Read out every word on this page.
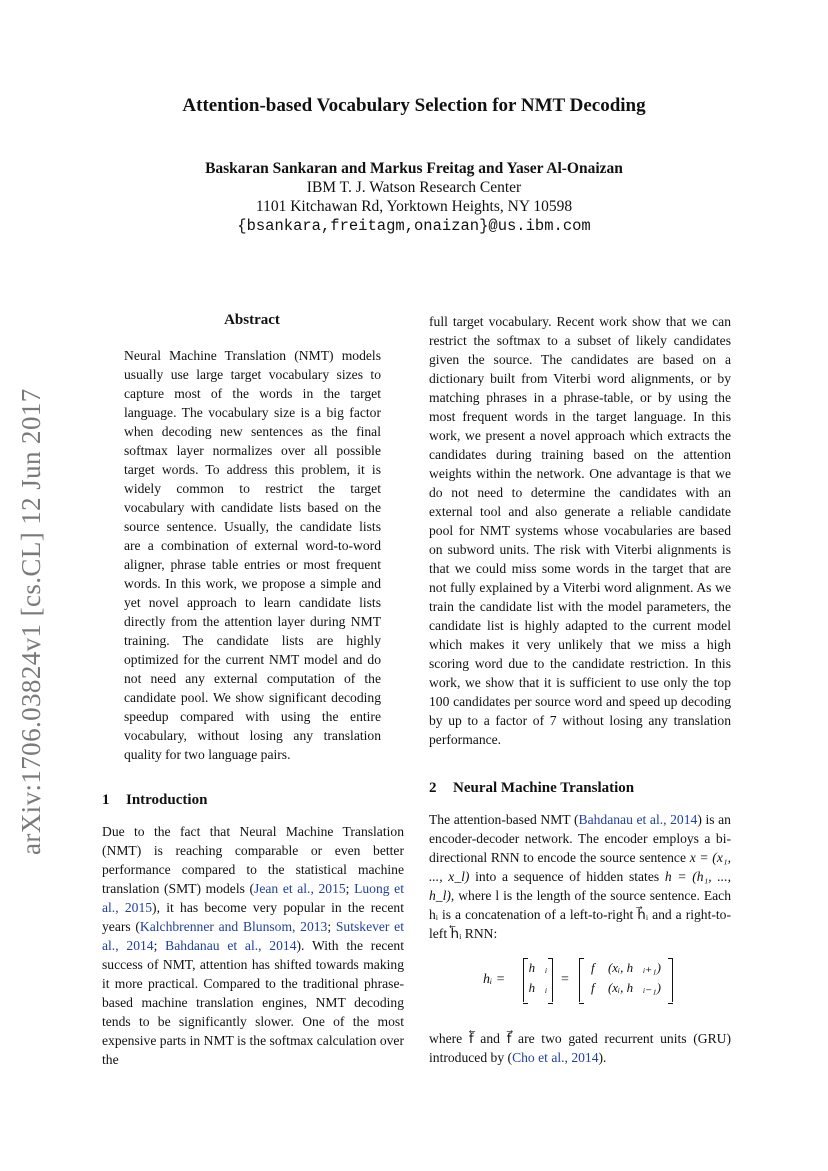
Attention-based Vocabulary Selection for NMT Decoding
Baskaran Sankaran and Markus Freitag and Yaser Al-Onaizan
IBM T. J. Watson Research Center
1101 Kitchawan Rd, Yorktown Heights, NY 10598
{bsankara,freitagm,onaizan}@us.ibm.com
arXiv:1706.03824v1 [cs.CL] 12 Jun 2017
Abstract
Neural Machine Translation (NMT) models usually use large target vocabulary sizes to capture most of the words in the target language. The vocabulary size is a big factor when decoding new sentences as the final softmax layer normalizes over all possible target words. To address this problem, it is widely common to restrict the target vocabulary with candidate lists based on the source sentence. Usually, the candidate lists are a combination of external word-to-word aligner, phrase table entries or most frequent words. In this work, we propose a simple and yet novel approach to learn candidate lists directly from the attention layer during NMT training. The candidate lists are highly optimized for the current NMT model and do not need any external computation of the candidate pool. We show significant decoding speedup compared with using the entire vocabulary, without losing any translation quality for two language pairs.
1 Introduction
Due to the fact that Neural Machine Translation (NMT) is reaching comparable or even better performance compared to the statistical machine translation (SMT) models (Jean et al., 2015; Luong et al., 2015), it has become very popular in the recent years (Kalchbrenner and Blunsom, 2013; Sutskever et al., 2014; Bahdanau et al., 2014). With the recent success of NMT, attention has shifted towards making it more practical. Compared to the traditional phrase-based machine translation engines, NMT decoding tends to be significantly slower. One of the most expensive parts in NMT is the softmax calculation over the
full target vocabulary. Recent work show that we can restrict the softmax to a subset of likely candidates given the source. The candidates are based on a dictionary built from Viterbi word alignments, or by matching phrases in a phrase-table, or by using the most frequent words in the target language. In this work, we present a novel approach which extracts the candidates during training based on the attention weights within the network. One advantage is that we do not need to determine the candidates with an external tool and also generate a reliable candidate pool for NMT systems whose vocabularies are based on subword units. The risk with Viterbi alignments is that we could miss some words in the target that are not fully explained by a Viterbi word alignment. As we train the candidate list with the model parameters, the candidate list is highly adapted to the current model which makes it very unlikely that we miss a high scoring word due to the candidate restriction. In this work, we show that it is sufficient to use only the top 100 candidates per source word and speed up decoding by up to a factor of 7 without losing any translation performance.
2 Neural Machine Translation
The attention-based NMT (Bahdanau et al., 2014) is an encoder-decoder network. The encoder employs a bi-directional RNN to encode the source sentence x = (x₁, ..., x_l) into a sequence of hidden states h = (h₁, ..., h_l), where l is the length of the source sentence. Each hᵢ is a concatenation of a left-to-right h⃗ᵢ and a right-to-left h⃖ᵢ RNN:
hᵢ =
h⃖ᵢ
h⃗ᵢ
=
f⃖ (xᵢ, h⃖ᵢ₊₁)
f⃗ (xᵢ, h⃗ᵢ₋₁)
where f⃖ and f⃗ are two gated recurrent units (GRU) introduced by (Cho et al., 2014).
